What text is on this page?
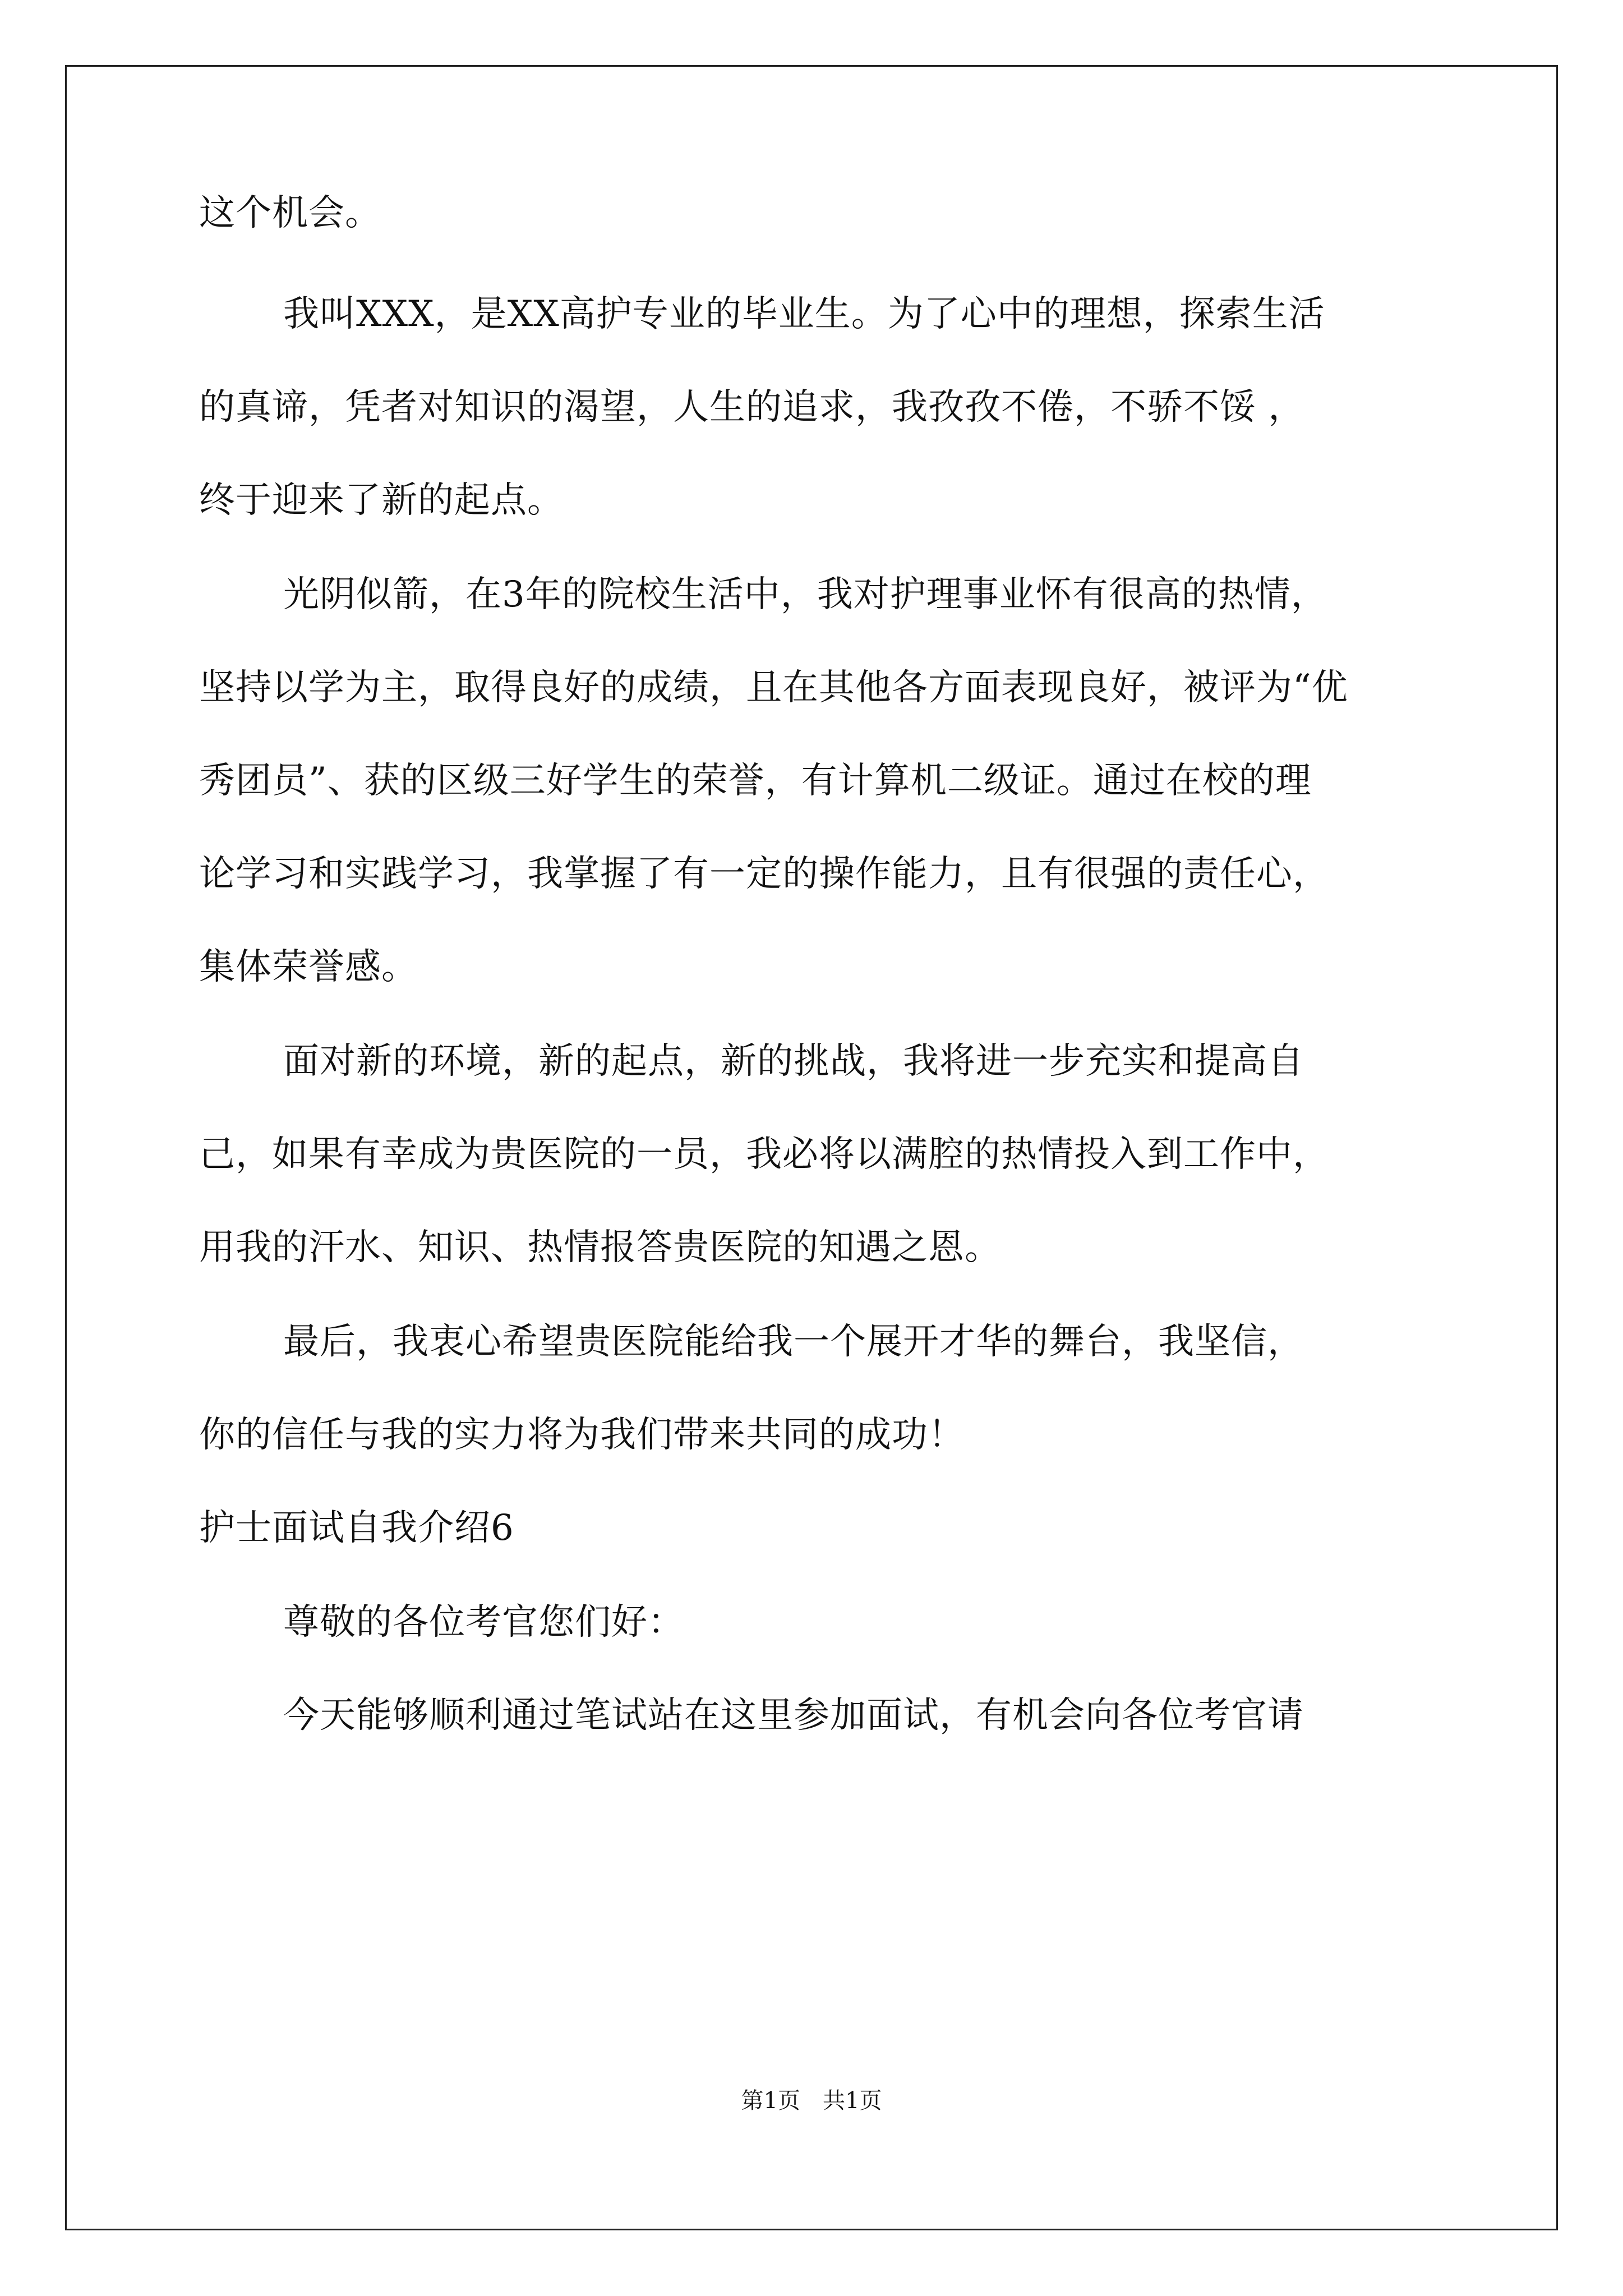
这个机会。
我叫XXX，是XX高护专业的毕业生。为了心中的理想，探索生活
的真谛，凭者对知识的渴望，人生的追求，我孜孜不倦，不骄不馁 ，
终于迎来了新的起点。
光阴似箭，在3年的院校生活中，我对护理事业怀有很高的热情，
坚持以学为主，取得良好的成绩，且在其他各方面表现良好，被评为“优
秀团员”、获的区级三好学生的荣誉，有计算机二级证。通过在校的理
论学习和实践学习，我掌握了有一定的操作能力，且有很强的责任心，
集体荣誉感。
面对新的环境，新的起点，新的挑战，我将进一步充实和提高自
己，如果有幸成为贵医院的一员，我必将以满腔的热情投入到工作中，
用我的汗水、知识、热情报答贵医院的知遇之恩。
最后，我衷心希望贵医院能给我一个展开才华的舞台，我坚信，
你的信任与我的实力将为我们带来共同的成功！
护士面试自我介绍6
尊敬的各位考官您们好：
今天能够顺利通过笔试站在这里参加面试，有机会向各位考官请
第1页　共1页
